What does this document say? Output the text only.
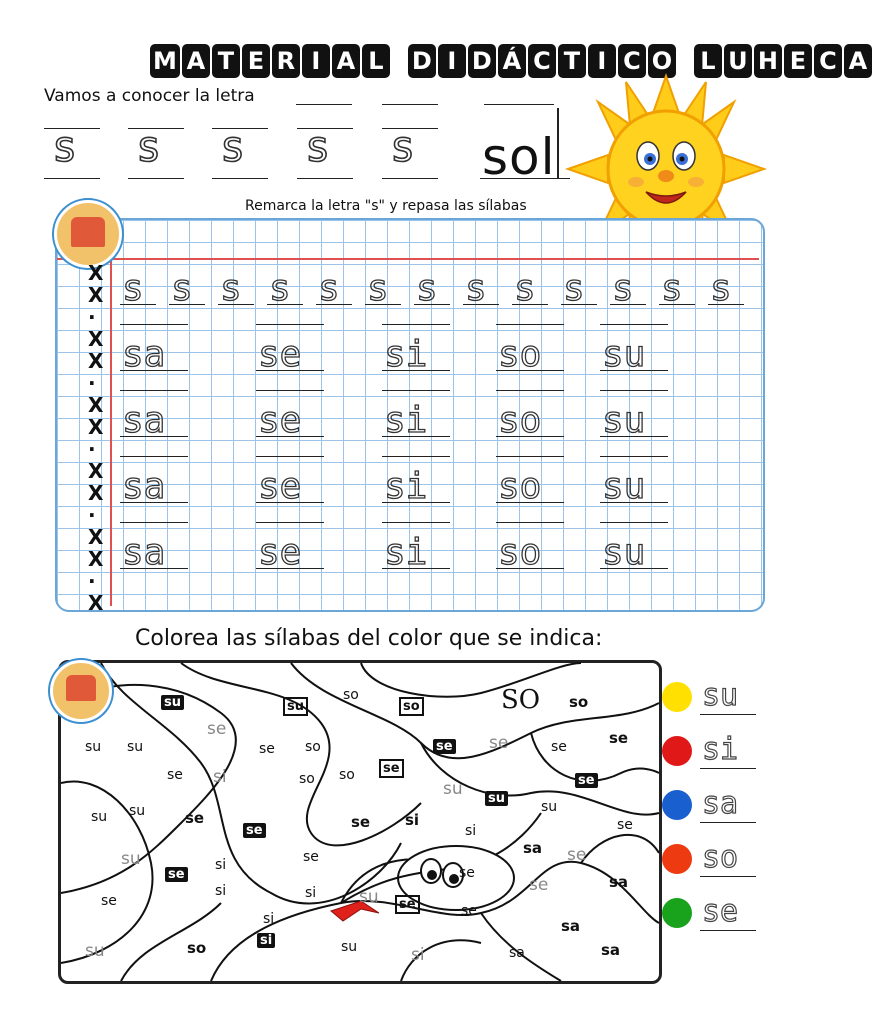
M A T E R I A L D I D Á C T I C O L U H E C A
Vamos a conocer la letra
s s s s s sol
Remarca la letra "s" y repasa las sílabas
X
X
·
X
X
·
X
X
·
X
X
·
X
X
·
X
s s s s s s s s s s s s s
sa	se si so su
sa	se si so su
sa	se si so su
sa	se si so su
Colorea las sílabas del color que se indica:
su	su
so
so	SO so
su su
se
se so	se se	se	se
se si	so so	se
su	se
su su	se
su
su
se si
si	se
se
su	se
si
sa se
se
si	si	su
se
se
sa
se
si
se
se
su	so	si	su	si	sa
sa
sa
su
si
sa
so
se
